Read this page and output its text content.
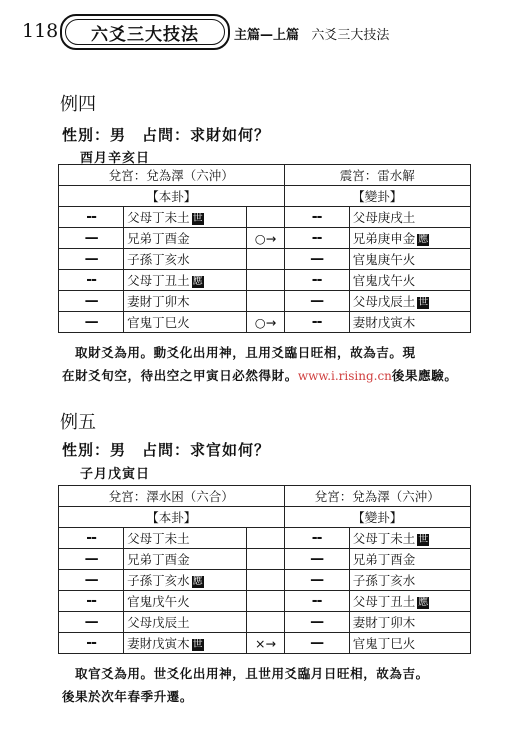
118	六爻三大技法	主篇—上篇 六爻三大技法
例四
性別：男　占問：求財如何？
酉月辛亥日
兌宮：兌為澤（六沖）			震宮：雷水解	
【本卦】			【變卦】	
--	父母丁未土 世		--	父母庚戌土
—	兄弟丁酉金	○→	--	兄弟庚申金 應
—	子孫丁亥水		—	官鬼庚午火
--	父母丁丑土 應		--	官鬼戊午火
—	妻財丁卯木		—	父母戊辰土 世
—	官鬼丁巳火	○→	--	妻財戊寅木
取財爻為用。動爻化出用神，且用爻臨日旺相，故為吉。現
在財爻旬空，待出空之甲寅日必然得財。www.i.rising.cn後果應驗。
例五
性別：男　占問：求官如何？
子月戊寅日
兌宮：澤水困（六合）			兌宮：兌為澤（六沖）	
【本卦】			【變卦】	
--	父母丁未土		--	父母丁未土 世
—	兄弟丁酉金		—	兄弟丁酉金
—	子孫丁亥水 應		—	子孫丁亥水
--	官鬼戊午火		--	父母丁丑土 應
—	父母戊辰土		—	妻財丁卯木
--	妻財戊寅木 世	×→	—	官鬼丁巳火
取官爻為用。世爻化出用神，且世用爻臨月日旺相，故為吉。
後果於次年春季升遷。
